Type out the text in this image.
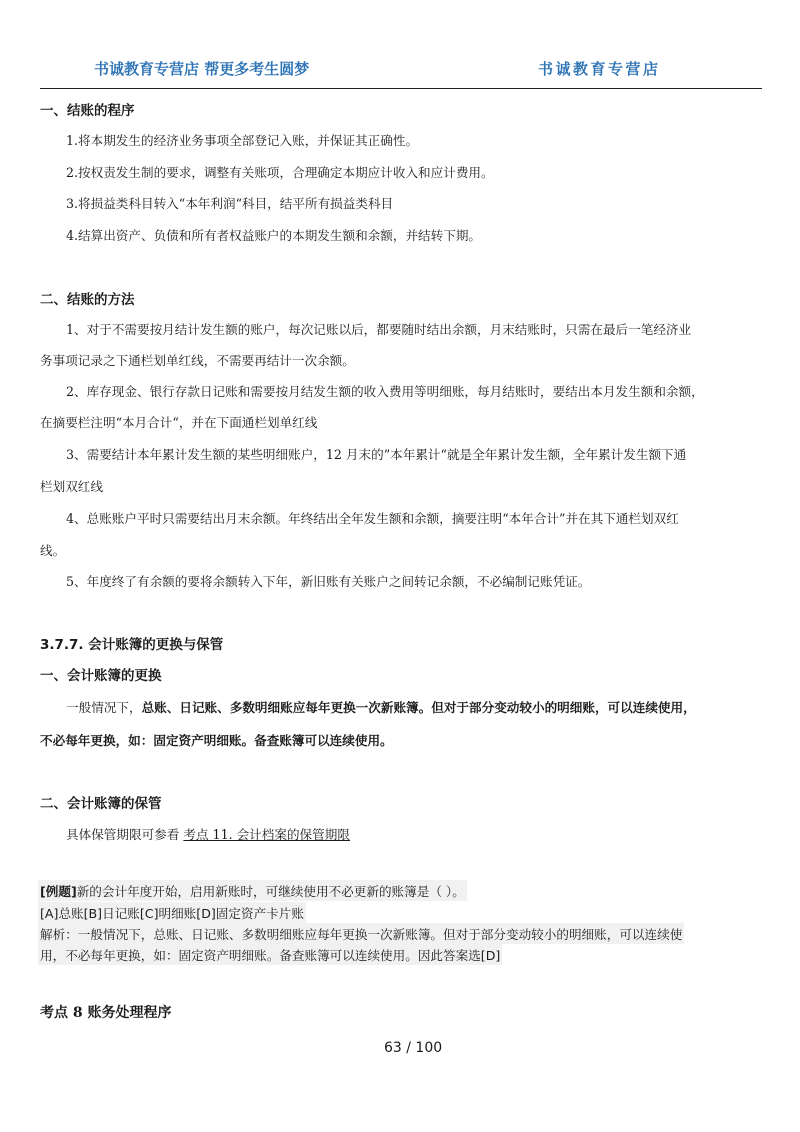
书诚教育专营店 帮更多考生圆梦	书诚教育专营店
一、结账的程序
1.将本期发生的经济业务事项全部登记入账，并保证其正确性。
2.按权责发生制的要求，调整有关账项，合理确定本期应计收入和应计费用。
3.将损益类科目转入“本年利润“科目，结平所有损益类科目
4.结算出资产、负债和所有者权益账户的本期发生额和余额，并结转下期。
二、结账的方法
1、对于不需要按月结计发生额的账户，每次记账以后，都要随时结出余额，月末结账时，只需在最后一笔经济业
务事项记录之下通栏划单红线，不需要再结计一次余额。
2、库存现金、银行存款日记账和需要按月结发生额的收入费用等明细账，每月结账时，要结出本月发生额和余额，
在摘要栏注明“本月合计“，并在下面通栏划单红线
3、需要结计本年累计发生额的某些明细账户，12 月末的”本年累计“就是全年累计发生额，全年累计发生额下通
栏划双红线
4、总账账户平时只需要结出月末余额。年终结出全年发生额和余额，摘要注明“本年合计”并在其下通栏划双红
线。
5、年度终了有余额的要将余额转入下年，新旧账有关账户之间转记余额，不必编制记账凭证。
3.7.7. 会计账簿的更换与保管
一、会计账簿的更换
一般情况下，总账、日记账、多数明细账应每年更换一次新账簿。但对于部分变动较小的明细账，可以连续使用，
不必每年更换，如：固定资产明细账。备查账簿可以连续使用。
二、会计账簿的保管
具体保管期限可参看 考点 11. 会计档案的保管期限
[例题]新的会计年度开始，启用新账时，可继续使用不必更新的账簿是（ ）。
[A]总账[B]日记账[C]明细账[D]固定资产卡片账
解析：一般情况下，总账、日记账、多数明细账应每年更换一次新账簿。但对于部分变动较小的明细账，可以连续使
用，不必每年更换，如：固定资产明细账。备查账簿可以连续使用。因此答案选[D]
考点 8 账务处理程序
63 / 100
